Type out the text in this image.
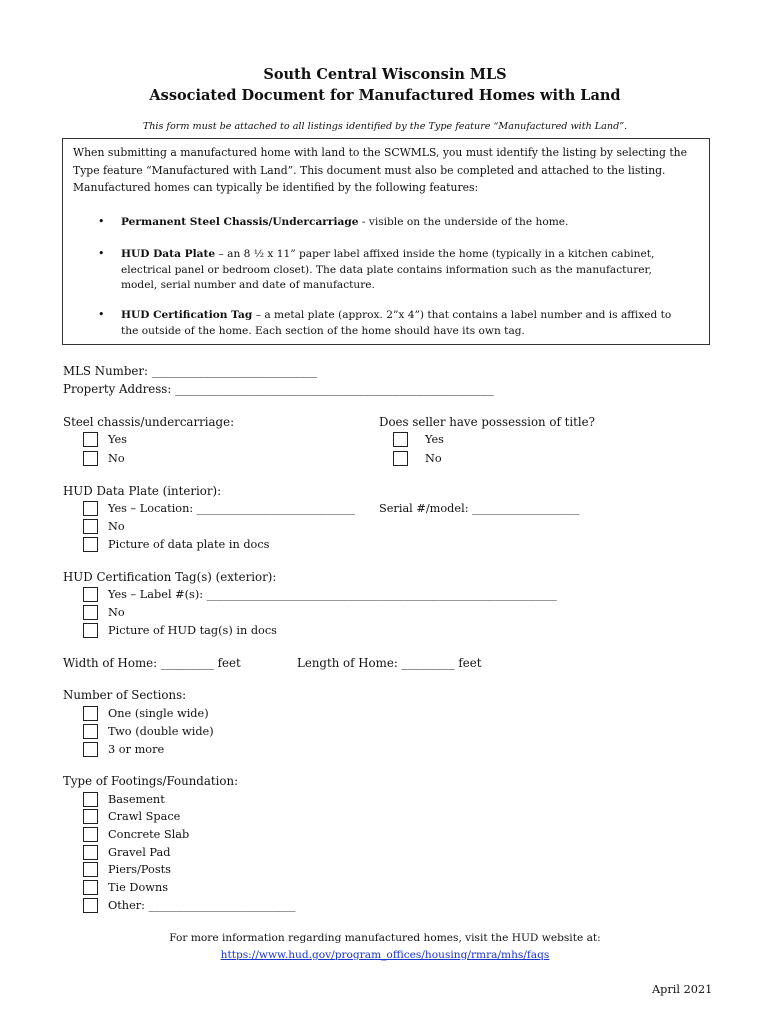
South Central Wisconsin MLS
Associated Document for Manufactured Homes with Land
This form must be attached to all listings identified by the Type feature “Manufactured with Land”.
When submitting a manufactured home with land to the SCWMLS, you must identify the listing by selecting the Type feature “Manufactured with Land”. This document must also be completed and attached to the listing. Manufactured homes can typically be identified by the following features:
• Permanent Steel Chassis/Undercarriage - visible on the underside of the home.
• HUD Data Plate – an 8 ½ x 11” paper label affixed inside the home (typically in a kitchen cabinet, electrical panel or bedroom closet). The data plate contains information such as the manufacturer, model, serial number and date of manufacture.
• HUD Certification Tag – a metal plate (approx. 2”x 4”) that contains a label number and is affixed to the outside of the home. Each section of the home should have its own tag.
MLS Number: ____________________________
Property Address: ______________________________________________________
Steel chassis/undercarriage:
Yes
No
Does seller have possession of title?
Yes
No
HUD Data Plate (interior):
Yes – Location: ____________________________ Serial #/model: ___________________
No
Picture of data plate in docs
HUD Certification Tag(s) (exterior):
Yes – Label #(s): ______________________________________________________________
No
Picture of HUD tag(s) in docs
Width of Home: _________ feet	Length of Home: _________ feet
Number of Sections:
One (single wide)
Two (double wide)
3 or more
Type of Footings/Foundation:
Basement
Crawl Space
Concrete Slab
Gravel Pad
Piers/Posts
Tie Downs
Other: __________________________
For more information regarding manufactured homes, visit the HUD website at:
https://www.hud.gov/program_offices/housing/rmra/mhs/faqs
April 2021
